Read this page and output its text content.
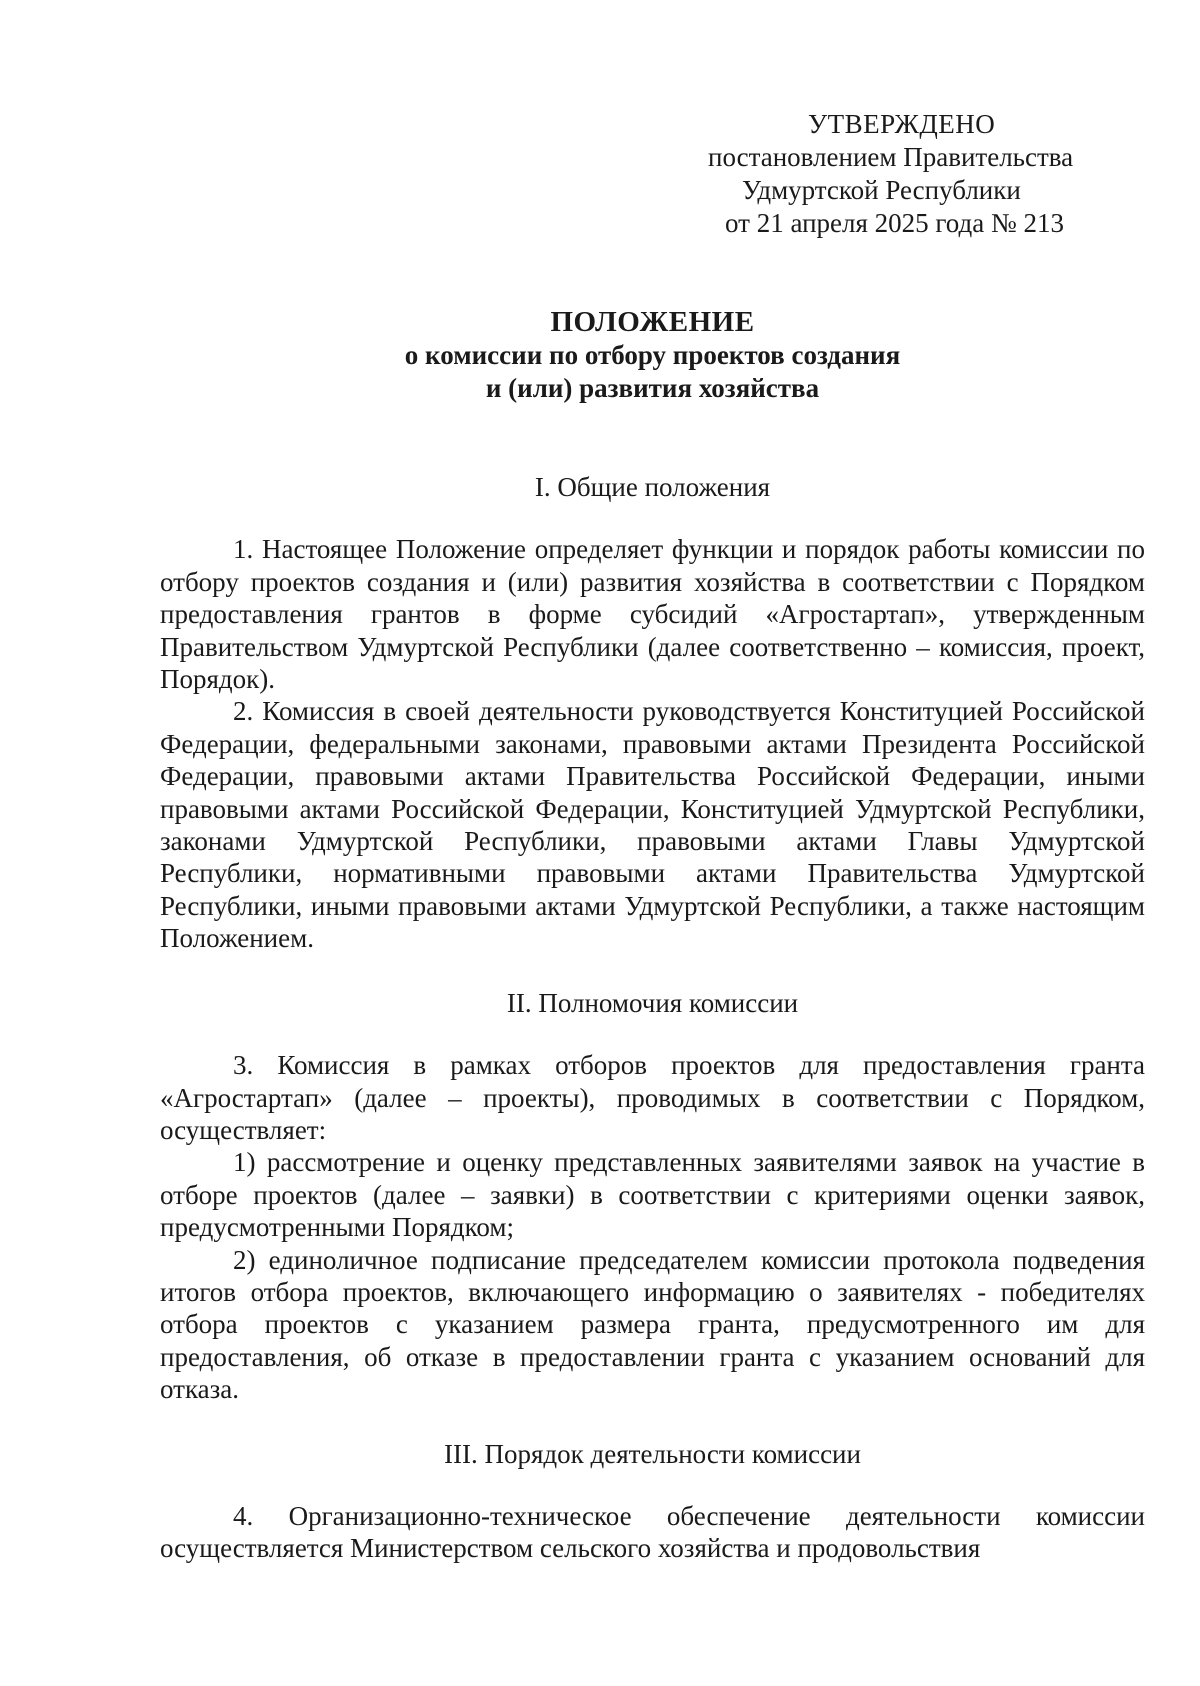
УТВЕРЖДЕНО
постановлением Правительства
Удмуртской Республики
от 21 апреля 2025 года № 213
ПОЛОЖЕНИЕ
о комиссии по отбору проектов создания
и (или) развития хозяйства

I. Общие положения

1. Настоящее Положение определяет функции и порядок работы комиссии по отбору проектов создания и (или) развития хозяйства в соответствии с Порядком предоставления грантов в форме субсидий «Агростартап», утвержденным Правительством Удмуртской Республики (далее соответственно – комиссия, проект, Порядок).

2. Комиссия в своей деятельности руководствуется Конституцией Российской Федерации, федеральными законами, правовыми актами Президента Российской Федерации, правовыми актами Правительства Российской Федерации, иными правовыми актами Российской Федерации, Конституцией Удмуртской Республики, законами Удмуртской Республики, правовыми актами Главы Удмуртской Республики, нормативными правовыми актами Правительства Удмуртской Республики, иными правовыми актами Удмуртской Республики, а также настоящим Положением.

II. Полномочия комиссии

3. Комиссия в рамках отборов проектов для предоставления гранта «Агростартап» (далее – проекты), проводимых в соответствии с Порядком, осуществляет:

1) рассмотрение и оценку представленных заявителями заявок на участие в отборе проектов (далее – заявки) в соответствии с критериями оценки заявок, предусмотренными Порядком;

2) единоличное подписание председателем комиссии протокола подведения итогов отбора проектов, включающего информацию о заявителях - победителях отбора проектов с указанием размера гранта, предусмотренного им для предоставления, об отказе в предоставлении гранта с указанием оснований для отказа.

III. Порядок деятельности комиссии

4. Организационно-техническое обеспечение деятельности комиссии осуществляется Министерством сельского хозяйства и продовольствия
